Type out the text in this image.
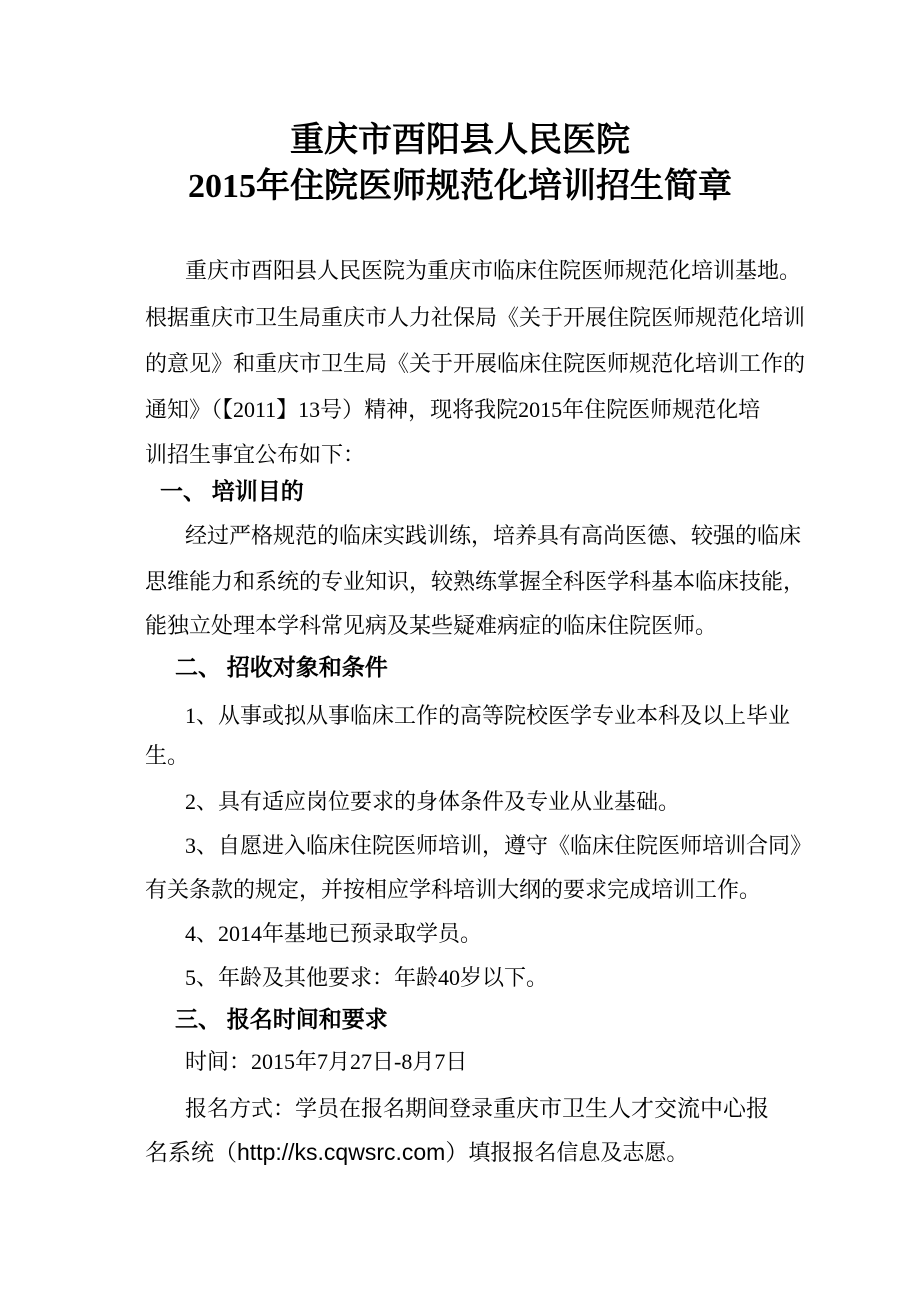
重庆市酉阳县人民医院
2015年住院医师规范化培训招生简章
重庆市酉阳县人民医院为重庆市临床住院医师规范化培训基地。
根据重庆市卫生局重庆市人力社保局《关于开展住院医师规范化培训
的意见》和重庆市卫生局《关于开展临床住院医师规范化培训工作的
通知》（【2011】13号）精神，现将我院2015年住院医师规范化培
训招生事宜公布如下：
一、 培训目的
经过严格规范的临床实践训练，培养具有高尚医德、较强的临床
思维能力和系统的专业知识，较熟练掌握全科医学科基本临床技能，
能独立处理本学科常见病及某些疑难病症的临床住院医师。
二、 招收对象和条件
1、从事或拟从事临床工作的高等院校医学专业本科及以上毕业
生。
2、具有适应岗位要求的身体条件及专业从业基础。
3、自愿进入临床住院医师培训，遵守《临床住院医师培训合同》
有关条款的规定，并按相应学科培训大纲的要求完成培训工作。
4、2014年基地已预录取学员。
5、年龄及其他要求：年龄40岁以下。
三、 报名时间和要求
时间：2015年7月27日-8月7日
报名方式：学员在报名期间登录重庆市卫生人才交流中心报
名系统（http://ks.cqwsrc.com）填报报名信息及志愿。
